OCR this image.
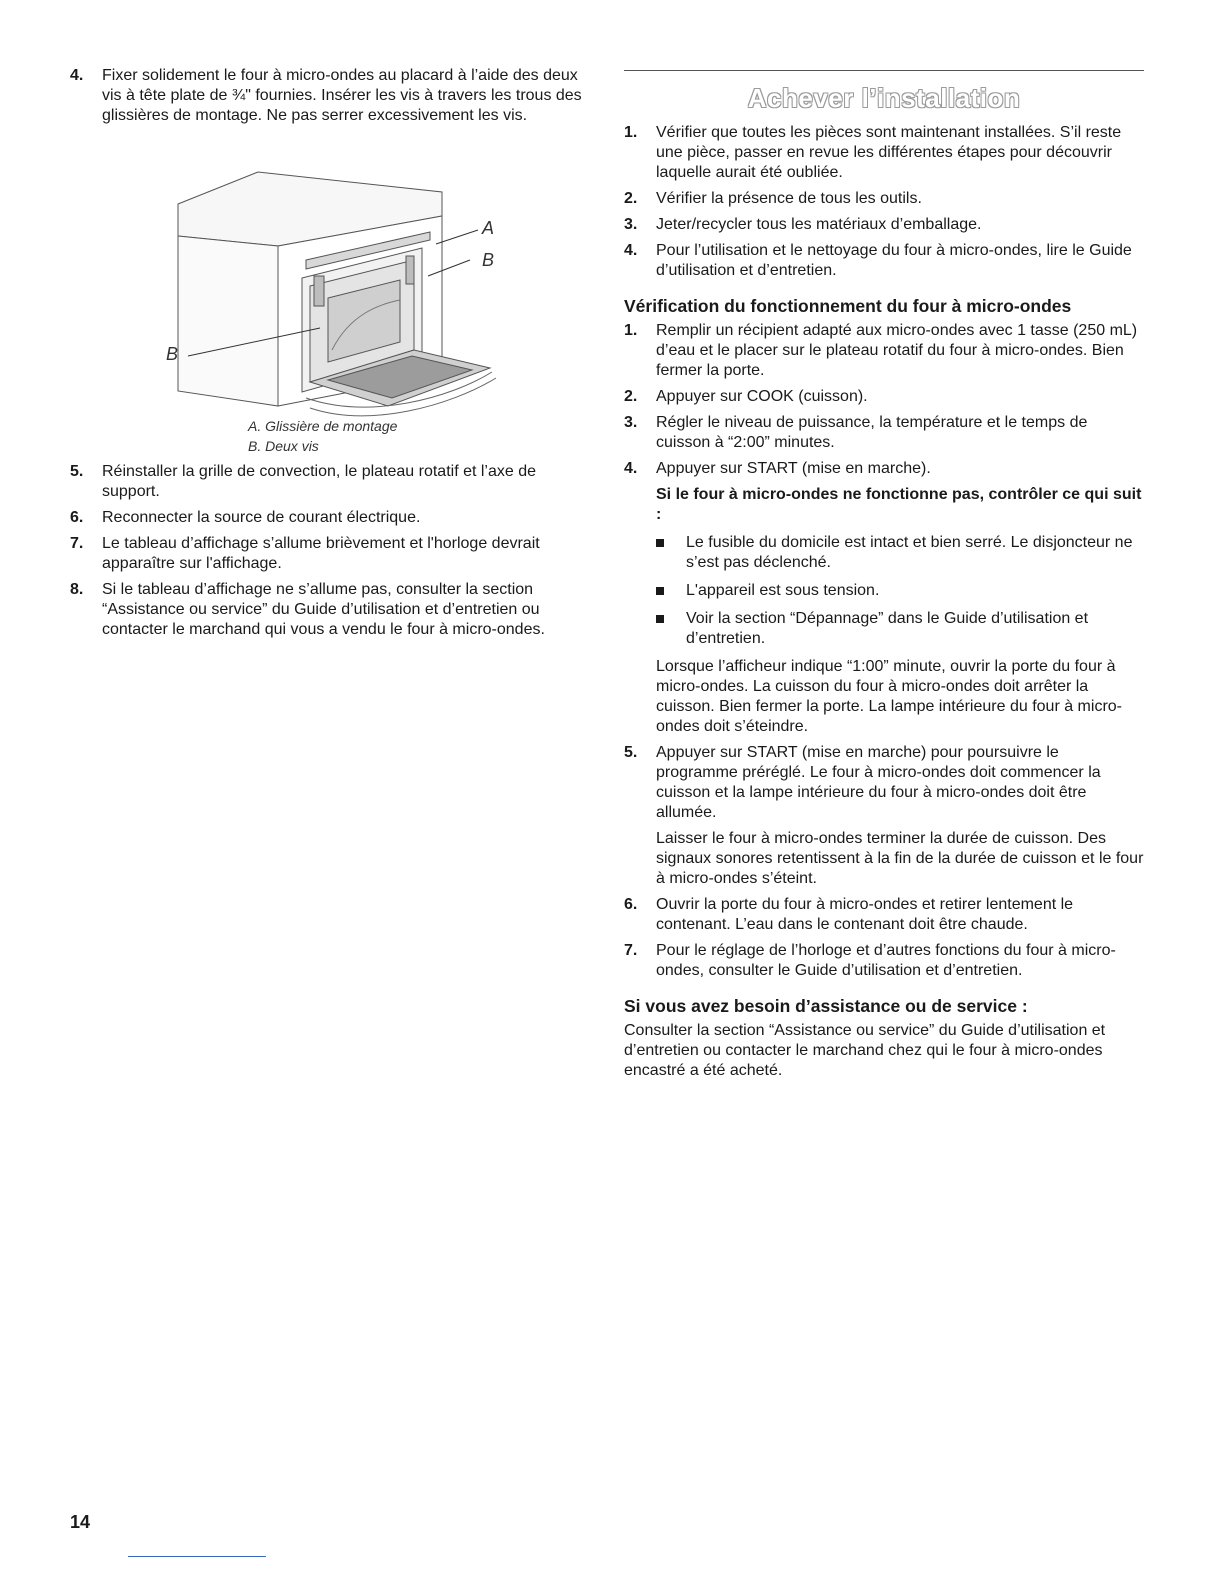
4. Fixer solidement le four à micro-ondes au placard à l’aide des deux vis à tête plate de ¾" fournies. Insérer les vis à travers les trous des glissières de montage. Ne pas serrer excessivement les vis.

A
B
B
A. Glissière de montage
B. Deux vis
5. Réinstaller la grille de convection, le plateau rotatif et l’axe de support.

6. Reconnecter la source de courant électrique.

7. Le tableau d’affichage s’allume brièvement et l'horloge devrait apparaître sur l'affichage.

8. Si le tableau d’affichage ne s’allume pas, consulter la section “Assistance ou service” du Guide d’utilisation et d’entretien ou contacter le marchand qui vous a vendu le four à micro-ondes.

Achever l’installation
1. Vérifier que toutes les pièces sont maintenant installées. S’il reste une pièce, passer en revue les différentes étapes pour découvrir laquelle aurait été oubliée.

2. Vérifier la présence de tous les outils.

3. Jeter/recycler tous les matériaux d’emballage.

4. Pour l’utilisation et le nettoyage du four à micro-ondes, lire le Guide d’utilisation et d’entretien.

Vérification du fonctionnement du four à micro-ondes
1. Remplir un récipient adapté aux micro-ondes avec 1 tasse (250 mL) d’eau et le placer sur le plateau rotatif du four à micro-ondes. Bien fermer la porte.

2. Appuyer sur COOK (cuisson).

3. Régler le niveau de puissance, la température et le temps de cuisson à “2:00” minutes.

4. Appuyer sur START (mise en marche).

Si le four à micro-ondes ne fonctionne pas, contrôler ce qui suit :

Le fusible du domicile est intact et bien serré. Le disjoncteur ne s’est pas déclenché.
L'appareil est sous tension.
Voir la section “Dépannage” dans le Guide d’utilisation et d’entretien.

Lorsque l’afficheur indique “1:00” minute, ouvrir la porte du four à micro-ondes. La cuisson du four à micro-ondes doit arrêter la cuisson. Bien fermer la porte. La lampe intérieure du four à micro-ondes doit s’éteindre.

5. Appuyer sur START (mise en marche) pour poursuivre le programme préréglé. Le four à micro-ondes doit commencer la cuisson et la lampe intérieure du four à micro-ondes doit être allumée.

Laisser le four à micro-ondes terminer la durée de cuisson. Des signaux sonores retentissent à la fin de la durée de cuisson et le four à micro-ondes s’éteint.

6. Ouvrir la porte du four à micro-ondes et retirer lentement le contenant. L’eau dans le contenant doit être chaude.

7. Pour le réglage de l’horloge et d’autres fonctions du four à micro-ondes, consulter le Guide d’utilisation et d’entretien.

Si vous avez besoin d’assistance ou de service :

Consulter la section “Assistance ou service” du Guide d’utilisation et d’entretien ou contacter le marchand chez qui le four à micro-ondes encastré a été acheté.

14
